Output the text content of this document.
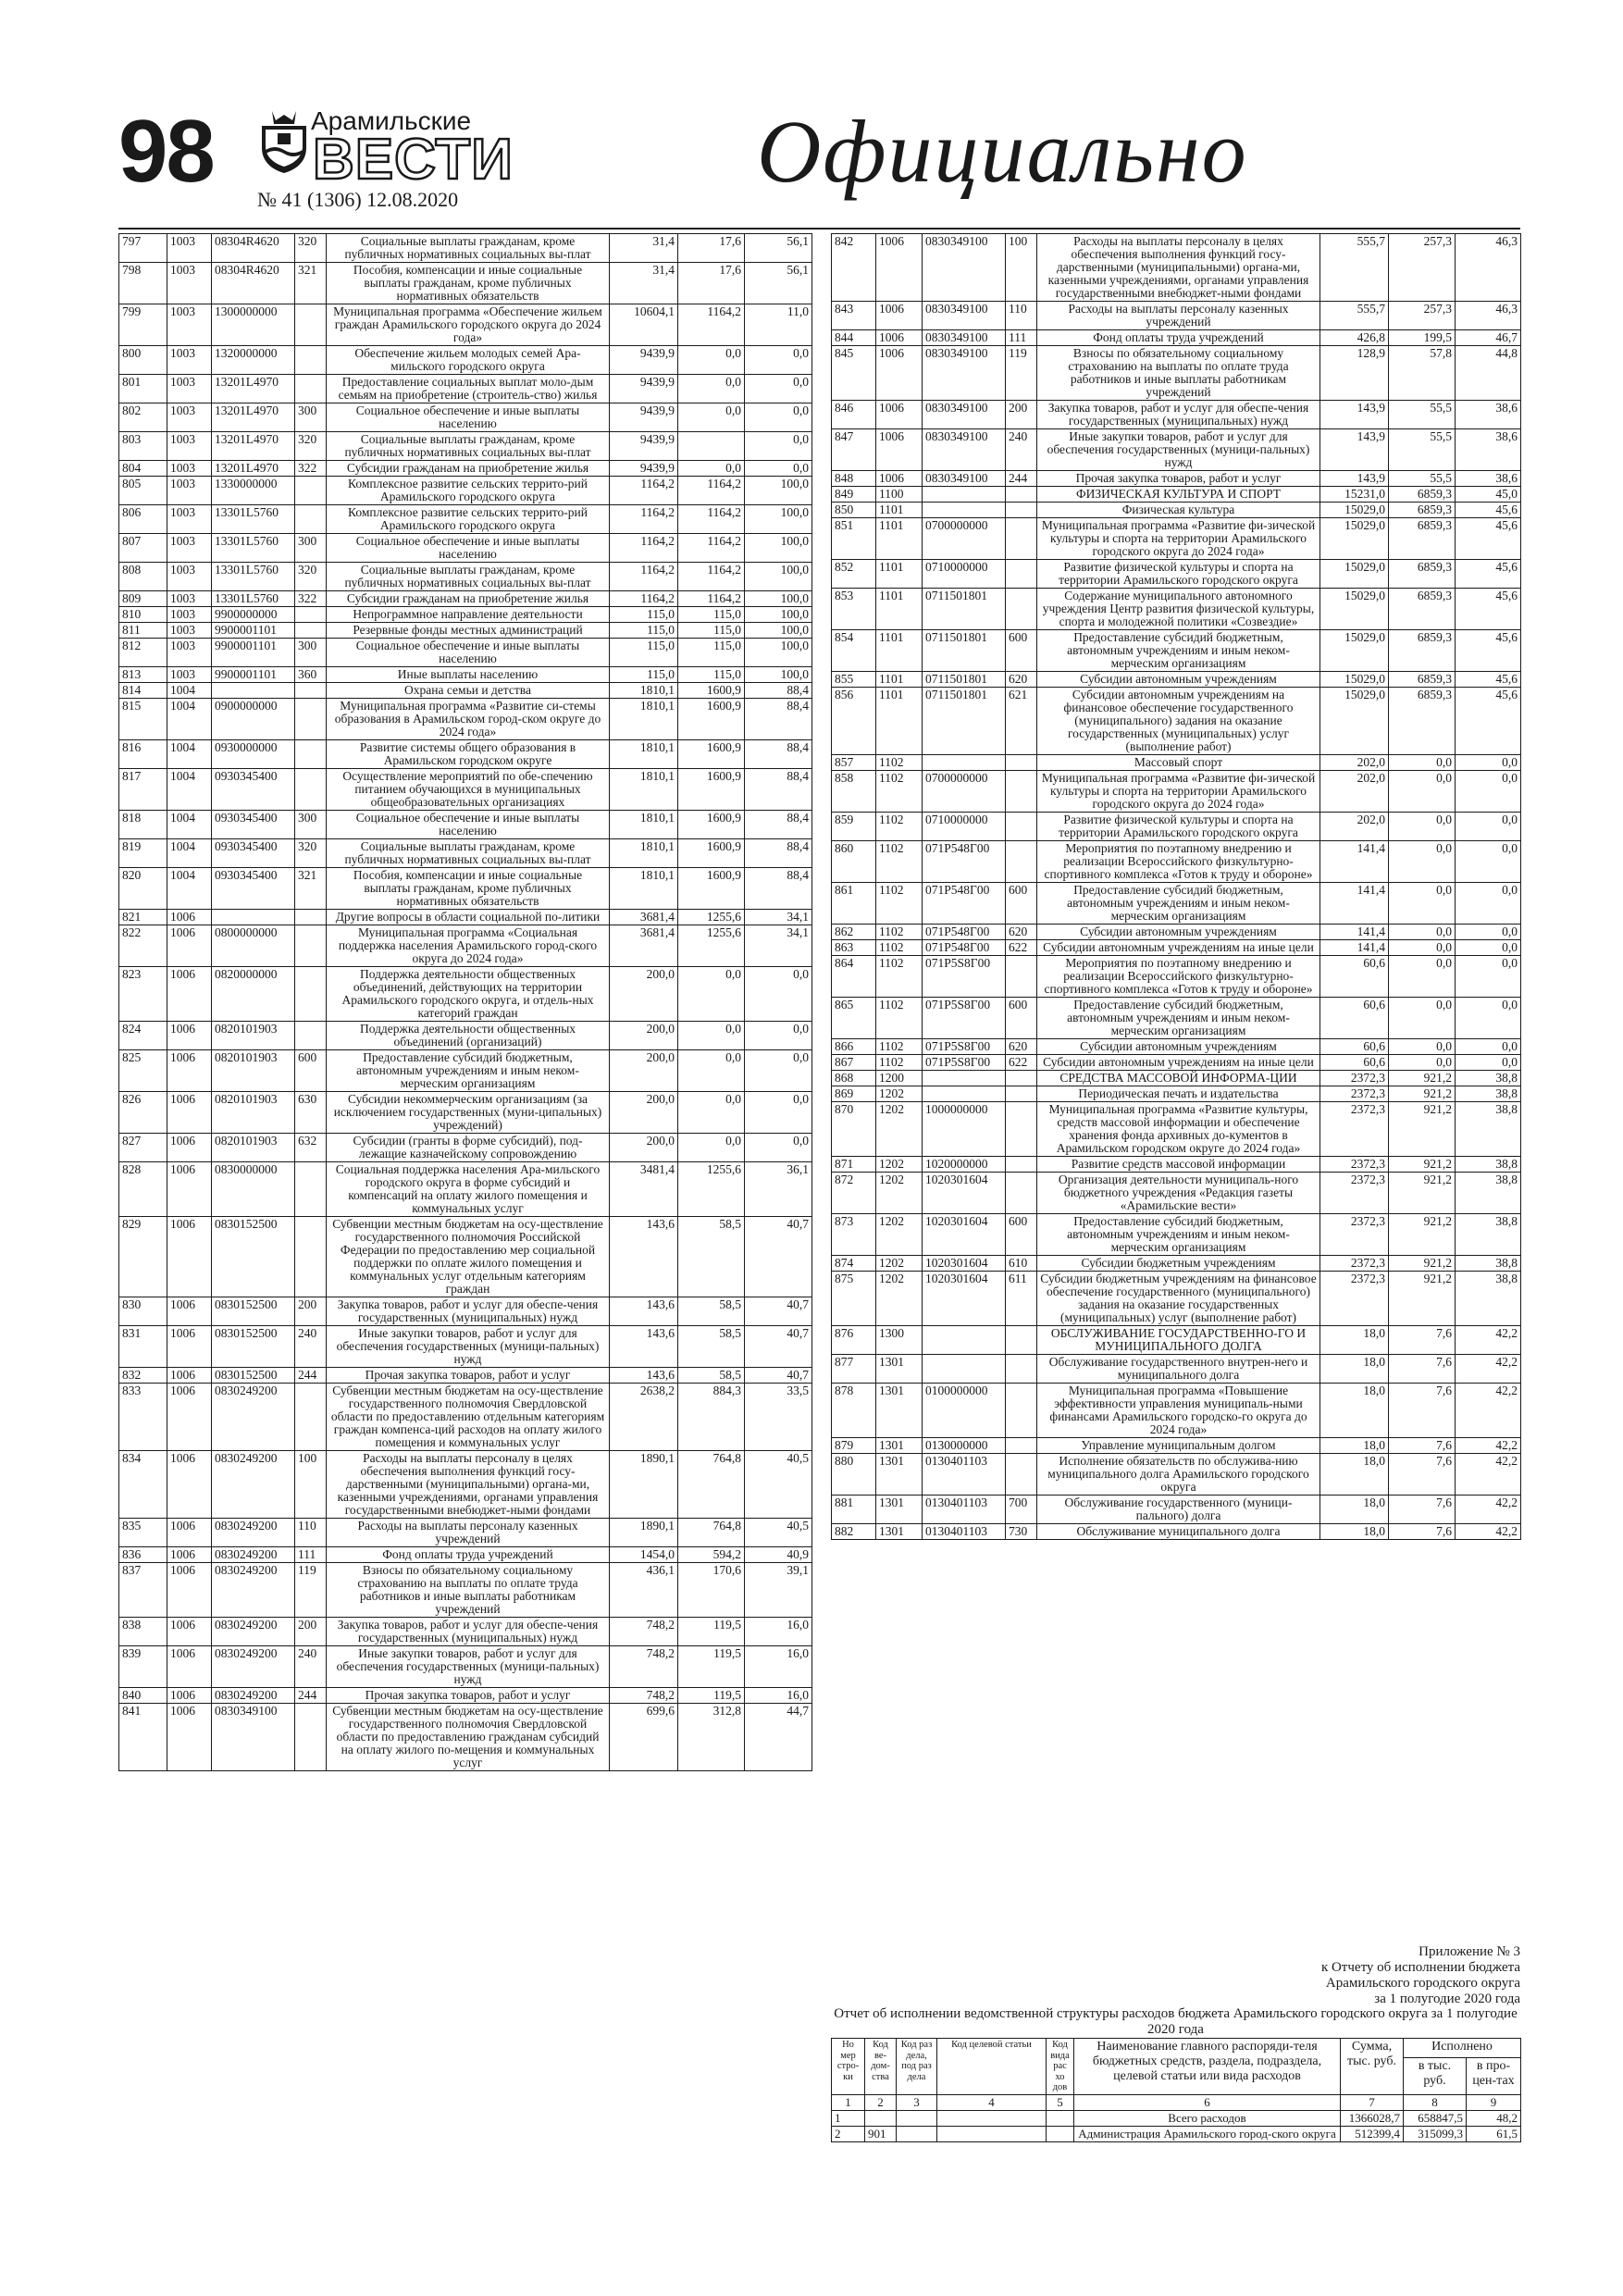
98	Арамильские
ВЕСТИ
№ 41 (1306) 12.08.2020	Официально
797	1003	08304R4620	320	Социальные выплаты гражданам, кроме публичных нормативных социальных вы-плат	31,4	17,6	56,1
798	1003	08304R4620	321	Пособия, компенсации и иные социальные выплаты гражданам, кроме публичных нормативных обязательств	31,4	17,6	56,1
799	1003	1300000000		Муниципальная программа «Обеспечение жильем граждан Арамильского городского округа до 2024 года»	10604,1	1164,2	11,0
800	1003	1320000000		Обеспечение жильем молодых семей Ара-мильского городского округа	9439,9	0,0	0,0
801	1003	13201L4970		Предоставление социальных выплат моло-дым семьям на приобретение (строитель-ство) жилья	9439,9	0,0	0,0
802	1003	13201L4970	300	Социальное обеспечение и иные выплаты населению	9439,9	0,0	0,0
803	1003	13201L4970	320	Социальные выплаты гражданам, кроме публичных нормативных социальных вы-плат	9439,9		0,0
804	1003	13201L4970	322	Субсидии гражданам на приобретение жилья	9439,9	0,0	0,0
805	1003	1330000000		Комплексное развитие сельских террито-рий Арамильского городского округа	1164,2	1164,2	100,0
806	1003	13301L5760		Комплексное развитие сельских террито-рий Арамильского городского округа	1164,2	1164,2	100,0
807	1003	13301L5760	300	Социальное обеспечение и иные выплаты населению	1164,2	1164,2	100,0
808	1003	13301L5760	320	Социальные выплаты гражданам, кроме публичных нормативных социальных вы-плат	1164,2	1164,2	100,0
809	1003	13301L5760	322	Субсидии гражданам на приобретение жилья	1164,2	1164,2	100,0
810	1003	9900000000		Непрограммное направление деятельности	115,0	115,0	100,0
811	1003	9900001101		Резервные фонды местных администраций	115,0	115,0	100,0
812	1003	9900001101	300	Социальное обеспечение и иные выплаты населению	115,0	115,0	100,0
813	1003	9900001101	360	Иные выплаты населению	115,0	115,0	100,0
814	1004			Охрана семьи и детства	1810,1	1600,9	88,4
815	1004	0900000000		Муниципальная программа «Развитие си-стемы образования в Арамильском город-ском округе до 2024 года»	1810,1	1600,9	88,4
816	1004	0930000000		Развитие системы общего образования в Арамильском городском округе	1810,1	1600,9	88,4
817	1004	0930345400		Осуществление мероприятий по обе-спечению питанием обучающихся в муниципальных общеобразовательных организациях	1810,1	1600,9	88,4
818	1004	0930345400	300	Социальное обеспечение и иные выплаты населению	1810,1	1600,9	88,4
819	1004	0930345400	320	Социальные выплаты гражданам, кроме публичных нормативных социальных вы-плат	1810,1	1600,9	88,4
820	1004	0930345400	321	Пособия, компенсации и иные социальные выплаты гражданам, кроме публичных нормативных обязательств	1810,1	1600,9	88,4
821	1006			Другие вопросы в области социальной по-литики	3681,4	1255,6	34,1
822	1006	0800000000		Муниципальная программа «Социальная поддержка населения Арамильского город-ского округа до 2024 года»	3681,4	1255,6	34,1
823	1006	0820000000		Поддержка деятельности общественных объединений, действующих на территории Арамильского городского округа, и отдель-ных категорий граждан	200,0	0,0	0,0
824	1006	0820101903		Поддержка деятельности общественных объединений (организаций)	200,0	0,0	0,0
825	1006	0820101903	600	Предоставление субсидий бюджетным, автономным учреждениям и иным неком-мерческим организациям	200,0	0,0	0,0
826	1006	0820101903	630	Субсидии некоммерческим организациям (за исключением государственных (муни-ципальных) учреждений)	200,0	0,0	0,0
827	1006	0820101903	632	Субсидии (гранты в форме субсидий), под-лежащие казначейскому сопровождению	200,0	0,0	0,0
828	1006	0830000000		Социальная поддержка населения Ара-мильского городского округа в форме субсидий и компенсаций на оплату жилого помещения и коммунальных услуг	3481,4	1255,6	36,1
829	1006	0830152500		Субвенции местным бюджетам на осу-ществление государственного полномочия Российской Федерации по предоставлению мер социальной поддержки по оплате жилого помещения и коммунальных услуг отдельным категориям граждан	143,6	58,5	40,7
830	1006	0830152500	200	Закупка товаров, работ и услуг для обеспе-чения государственных (муниципальных) нужд	143,6	58,5	40,7
831	1006	0830152500	240	Иные закупки товаров, работ и услуг для обеспечения государственных (муници-пальных) нужд	143,6	58,5	40,7
832	1006	0830152500	244	Прочая закупка товаров, работ и услуг	143,6	58,5	40,7
833	1006	0830249200		Субвенции местным бюджетам на осу-ществление государственного полномочия Свердловской области по предоставлению отдельным категориям граждан компенса-ций расходов на оплату жилого помещения и коммунальных услуг	2638,2	884,3	33,5
834	1006	0830249200	100	Расходы на выплаты персоналу в целях обеспечения выполнения функций госу-дарственными (муниципальными) органа-ми, казенными учреждениями, органами управления государственными внебюджет-ными фондами	1890,1	764,8	40,5
835	1006	0830249200	110	Расходы на выплаты персоналу казенных учреждений	1890,1	764,8	40,5
836	1006	0830249200	111	Фонд оплаты труда учреждений	1454,0	594,2	40,9
837	1006	0830249200	119	Взносы по обязательному социальному страхованию на выплаты по оплате труда работников и иные выплаты работникам учреждений	436,1	170,6	39,1
838	1006	0830249200	200	Закупка товаров, работ и услуг для обеспе-чения государственных (муниципальных) нужд	748,2	119,5	16,0
839	1006	0830249200	240	Иные закупки товаров, работ и услуг для обеспечения государственных (муници-пальных) нужд	748,2	119,5	16,0
840	1006	0830249200	244	Прочая закупка товаров, работ и услуг	748,2	119,5	16,0
841	1006	0830349100		Субвенции местным бюджетам на осу-ществление государственного полномочия Свердловской области по предоставлению гражданам субсидий на оплату жилого по-мещения и коммунальных услуг	699,6	312,8	44,7
842	1006	0830349100	100	Расходы на выплаты персоналу в целях обеспечения выполнения функций госу-дарственными (муниципальными) органа-ми, казенными учреждениями, органами управления государственными внебюджет-ными фондами	555,7	257,3	46,3
843	1006	0830349100	110	Расходы на выплаты персоналу казенных учреждений	555,7	257,3	46,3
844	1006	0830349100	111	Фонд оплаты труда учреждений	426,8	199,5	46,7
845	1006	0830349100	119	Взносы по обязательному социальному страхованию на выплаты по оплате труда работников и иные выплаты работникам учреждений	128,9	57,8	44,8
846	1006	0830349100	200	Закупка товаров, работ и услуг для обеспе-чения государственных (муниципальных) нужд	143,9	55,5	38,6
847	1006	0830349100	240	Иные закупки товаров, работ и услуг для обеспечения государственных (муници-пальных) нужд	143,9	55,5	38,6
848	1006	0830349100	244	Прочая закупка товаров, работ и услуг	143,9	55,5	38,6
849	1100			ФИЗИЧЕСКАЯ КУЛЬТУРА И СПОРТ	15231,0	6859,3	45,0
850	1101			Физическая культура	15029,0	6859,3	45,6
851	1101	0700000000		Муниципальная программа «Развитие фи-зической культуры и спорта на территории Арамильского городского округа до 2024 года»	15029,0	6859,3	45,6
852	1101	0710000000		Развитие физической культуры и спорта на территории Арамильского городского округа	15029,0	6859,3	45,6
853	1101	0711501801		Содержание муниципального автономного учреждения Центр развития физической культуры, спорта и молодежной политики «Созвездие»	15029,0	6859,3	45,6
854	1101	0711501801	600	Предоставление субсидий бюджетным, автономным учреждениям и иным неком-мерческим организациям	15029,0	6859,3	45,6
855	1101	0711501801	620	Субсидии автономным учреждениям	15029,0	6859,3	45,6
856	1101	0711501801	621	Субсидии автономным учреждениям на финансовое обеспечение государственного (муниципального) задания на оказание государственных (муниципальных) услуг (выполнение работ)	15029,0	6859,3	45,6
857	1102			Массовый спорт	202,0	0,0	0,0
858	1102	0700000000		Муниципальная программа «Развитие фи-зической культуры и спорта на территории Арамильского городского округа до 2024 года»	202,0	0,0	0,0
859	1102	0710000000		Развитие физической культуры и спорта на территории Арамильского городского округа	202,0	0,0	0,0
860	1102	071P548Г00		Мероприятия по поэтапному внедрению и реализации Всероссийского физкультурно-спортивного комплекса «Готов к труду и обороне»	141,4	0,0	0,0
861	1102	071P548Г00	600	Предоставление субсидий бюджетным, автономным учреждениям и иным неком-мерческим организациям	141,4	0,0	0,0
862	1102	071P548Г00	620	Субсидии автономным учреждениям	141,4	0,0	0,0
863	1102	071P548Г00	622	Субсидии автономным учреждениям на иные цели	141,4	0,0	0,0
864	1102	071P5S8Г00		Мероприятия по поэтапному внедрению и реализации Всероссийского физкультурно-спортивного комплекса «Готов к труду и обороне»	60,6	0,0	0,0
865	1102	071P5S8Г00	600	Предоставление субсидий бюджетным, автономным учреждениям и иным неком-мерческим организациям	60,6	0,0	0,0
866	1102	071P5S8Г00	620	Субсидии автономным учреждениям	60,6	0,0	0,0
867	1102	071P5S8Г00	622	Субсидии автономным учреждениям на иные цели	60,6	0,0	0,0
868	1200			СРЕДСТВА МАССОВОЙ ИНФОРМА-ЦИИ	2372,3	921,2	38,8
869	1202			Периодическая печать и издательства	2372,3	921,2	38,8
870	1202	1000000000		Муниципальная программа «Развитие культуры, средств массовой информации и обеспечение хранения фонда архивных до-кументов в Арамильском городском округе до 2024 года»	2372,3	921,2	38,8
871	1202	1020000000		Развитие средств массовой информации	2372,3	921,2	38,8
872	1202	1020301604		Организация деятельности муниципаль-ного бюджетного учреждения «Редакция газеты «Арамильские вести»	2372,3	921,2	38,8
873	1202	1020301604	600	Предоставление субсидий бюджетным, автономным учреждениям и иным неком-мерческим организациям	2372,3	921,2	38,8
874	1202	1020301604	610	Субсидии бюджетным учреждениям	2372,3	921,2	38,8
875	1202	1020301604	611	Субсидии бюджетным учреждениям на финансовое обеспечение государственного (муниципального) задания на оказание государственных (муниципальных) услуг (выполнение работ)	2372,3	921,2	38,8
876	1300			ОБСЛУЖИВАНИЕ ГОСУДАРСТВЕННО-ГО И МУНИЦИПАЛЬНОГО ДОЛГА	18,0	7,6	42,2
877	1301			Обслуживание государственного внутрен-него и муниципального долга	18,0	7,6	42,2
878	1301	0100000000		Муниципальная программа «Повышение эффективности управления муниципаль-ными финансами Арамильского городско-го округа до 2024 года»	18,0	7,6	42,2
879	1301	0130000000		Управление муниципальным долгом	18,0	7,6	42,2
880	1301	0130401103		Исполнение обязательств по обслужива-нию муниципального долга Арамильского городского округа	18,0	7,6	42,2
881	1301	0130401103	700	Обслуживание государственного (муници-пального) долга	18,0	7,6	42,2
882	1301	0130401103	730	Обслуживание муниципального долга	18,0	7,6	42,2
Приложение № 3
к Отчету об исполнении бюджета
Арамильского городского округа
за 1 полугодие 2020 года
Отчет об исполнении ведомственной структуры расходов бюджета Арамильского городского округа за 1 полугодие 2020 года
Но мер стро-ки	Код ве-дом-ства	Код раз дела, под раз дела	Код целевой статьи	Код вида рас хо дов	Наименование главного распоряди-теля бюджетных средств, раздела, подраздела, целевой статьи или вида расходов	Сумма, тыс. руб.	Исполнено	
							в тыс. руб.	в про-цен-тах
1	2	3	4	5	6	7	8	9
1					Всего расходов	1366028,7	658847,5	48,2
2	901				Администрация Арамильского город-ского округа	512399,4	315099,3	61,5
